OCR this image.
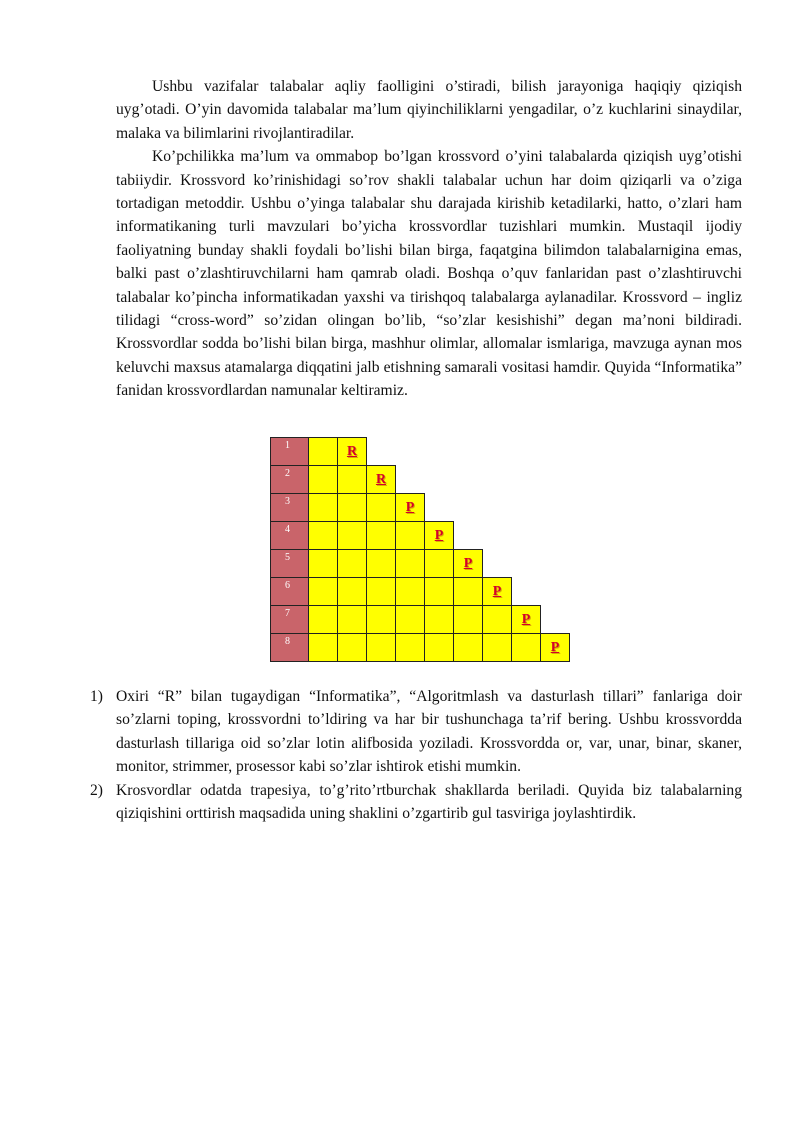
Ushbu vazifalar talabalar aqliy faolligini o’stiradi, bilish jarayoniga haqiqiy qiziqish uyg’otadi. O’yin davomida talabalar ma’lum qiyinchiliklarni yengadilar, o’z kuchlarini sinaydilar, malaka va bilimlarini rivojlantiradilar.

Ko’pchilikka ma’lum va ommabop bo’lgan krossvord o’yini talabalarda qiziqish uyg’otishi tabiiydir. Krossvord ko’rinishidagi so’rov shakli talabalar uchun har doim qiziqarli va o’ziga tortadigan metoddir. Ushbu o’yinga talabalar shu darajada kirishib ketadilarki, hatto, o’zlari ham informatikaning turli mavzulari bo’yicha krossvordlar tuzishlari mumkin. Mustaqil ijodiy faoliyatning bunday shakli foydali bo’lishi bilan birga, faqatgina bilimdon talabalarnigina emas, balki past o’zlashtiruvchilarni ham qamrab oladi. Boshqa o’quv fanlaridan past o’zlashtiruvchi talabalar ko’pincha informatikadan yaxshi va tirishqoq talabalarga aylanadilar. Krossvord – ingliz tilidagi “cross-word” so’zidan olingan bo’lib, “so’zlar kesishishi” degan ma’noni bildiradi. Krossvordlar sodda bo’lishi bilan birga, mashhur olimlar, allomalar ismlariga, mavzuga aynan mos keluvchi maxsus atamalarga diqqatini jalb etishning samarali vositasi hamdir. Quyida “Informatika” fanidan krossvordlardan namunalar keltiramiz.

1		R							
2			R						
3				P					
4					P				
5						P			
6							P		
7								P	
8									P

1) Oxiri “R” bilan tugaydigan “Informatika”, “Algoritmlash va dasturlash tillari” fanlariga doir so’zlarni toping, krossvordni to’ldiring va har bir tushunchaga ta’rif bering. Ushbu krossvordda dasturlash tillariga oid so’zlar lotin alifbosida yoziladi. Krossvordda or, var, unar, binar, skaner, monitor, strimmer, prosessor kabi so’zlar ishtirok etishi mumkin.

2) Krosvordlar odatda trapesiya, to’g’rito’rtburchak shakllarda beriladi. Quyida biz talabalarning qiziqishini orttirish maqsadida uning shaklini o’zgartirib gul tasviriga joylashtirdik.
